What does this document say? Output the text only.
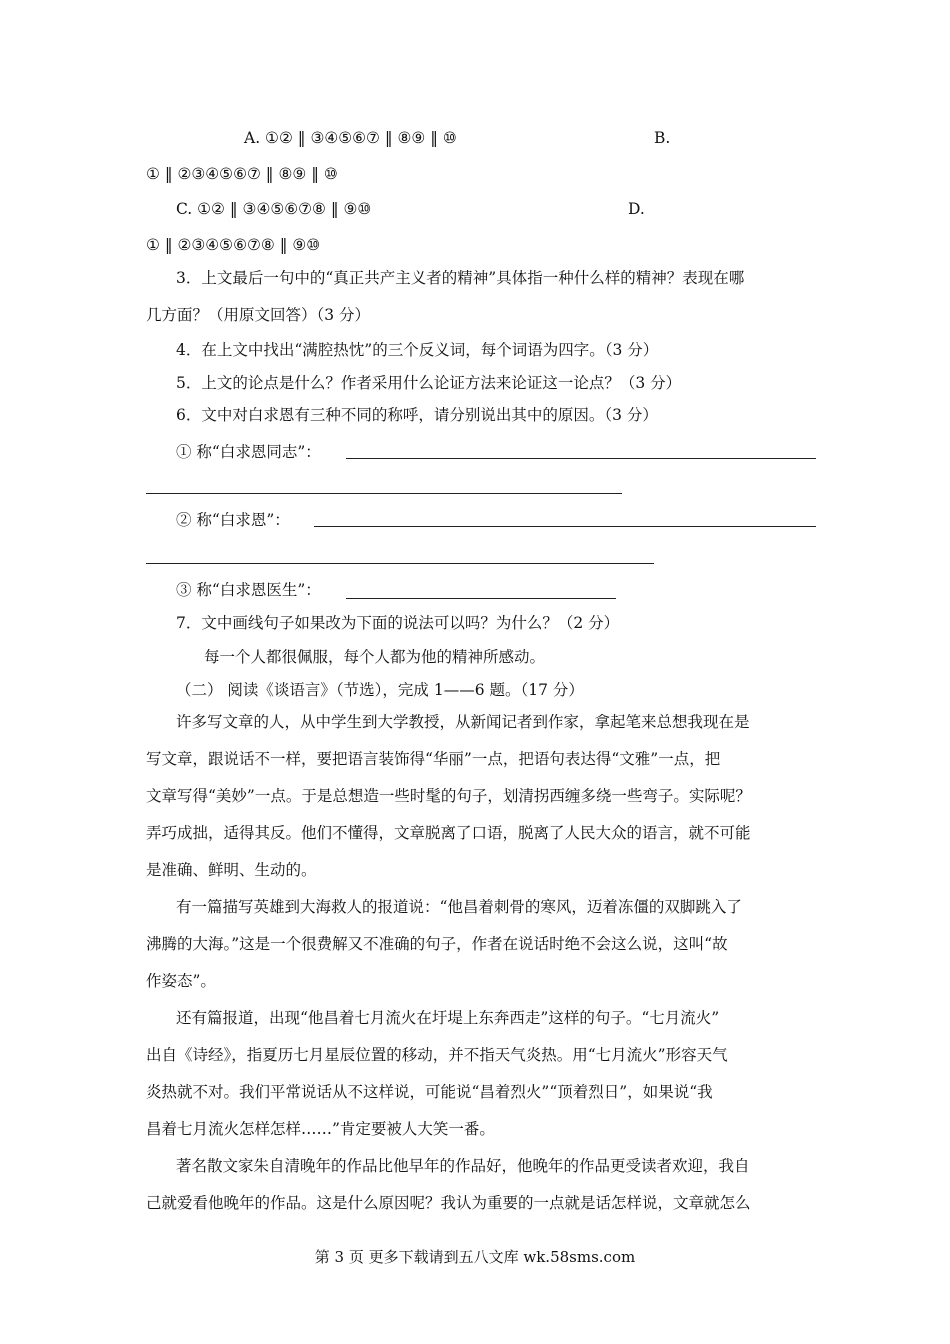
A. ①② ‖ ③④⑤⑥⑦ ‖ ⑧⑨ ‖ ⑩	B.
① ‖ ②③④⑤⑥⑦ ‖ ⑧⑨ ‖ ⑩
C. ①② ‖ ③④⑤⑥⑦⑧ ‖ ⑨⑩	D.
① ‖ ②③④⑤⑥⑦⑧ ‖ ⑨⑩
3．上文最后一句中的“真正共产主义者的精神”具体指一种什么样的精神？表现在哪
几方面？（用原文回答）（3 分）
4．在上文中找出“满腔热忱”的三个反义词，每个词语为四字。（3 分）
5．上文的论点是什么？作者采用什么论证方法来论证这一论点？（3 分）
6．文中对白求恩有三种不同的称呼，请分别说出其中的原因。（3 分）
① 称“白求恩同志”：
② 称“白求恩”：
③ 称“白求恩医生”：
7．文中画线句子如果改为下面的说法可以吗？为什么？（2 分）
每一个人都很佩服，每个人都为他的精神所感动。
（二） 阅读《谈语言》（节选），完成 1——6 题。（17 分）
许多写文章的人，从中学生到大学教授，从新闻记者到作家，拿起笔来总想我现在是
写文章，跟说话不一样，要把语言装饰得“华丽”一点，把语句表达得“文雅”一点，把
文章写得“美妙”一点。于是总想造一些时髦的句子，划清拐西缠多绕一些弯子。实际呢？
弄巧成拙，适得其反。他们不懂得，文章脱离了口语，脱离了人民大众的语言，就不可能
是准确、鲜明、生动的。
有一篇描写英雄到大海救人的报道说：“他昌着刺骨的寒风，迈着冻僵的双脚跳入了
沸腾的大海。”这是一个很费解又不准确的句子，作者在说话时绝不会这么说，这叫“故
作姿态”。
还有篇报道，出现“他昌着七月流火在圩堤上东奔西走”这样的句子。“七月流火”
出自《诗经》，指夏历七月星辰位置的移动，并不指天气炎热。用“七月流火”形容天气
炎热就不对。我们平常说话从不这样说，可能说“昌着烈火”“顶着烈日”，如果说“我
昌着七月流火怎样怎样……”肯定要被人大笑一番。
著名散文家朱自清晚年的作品比他早年的作品好，他晚年的作品更受读者欢迎，我自
己就爱看他晚年的作品。这是什么原因呢？我认为重要的一点就是话怎样说，文章就怎么
第 3 页 更多下载请到五八文库 wk.58sms.com
